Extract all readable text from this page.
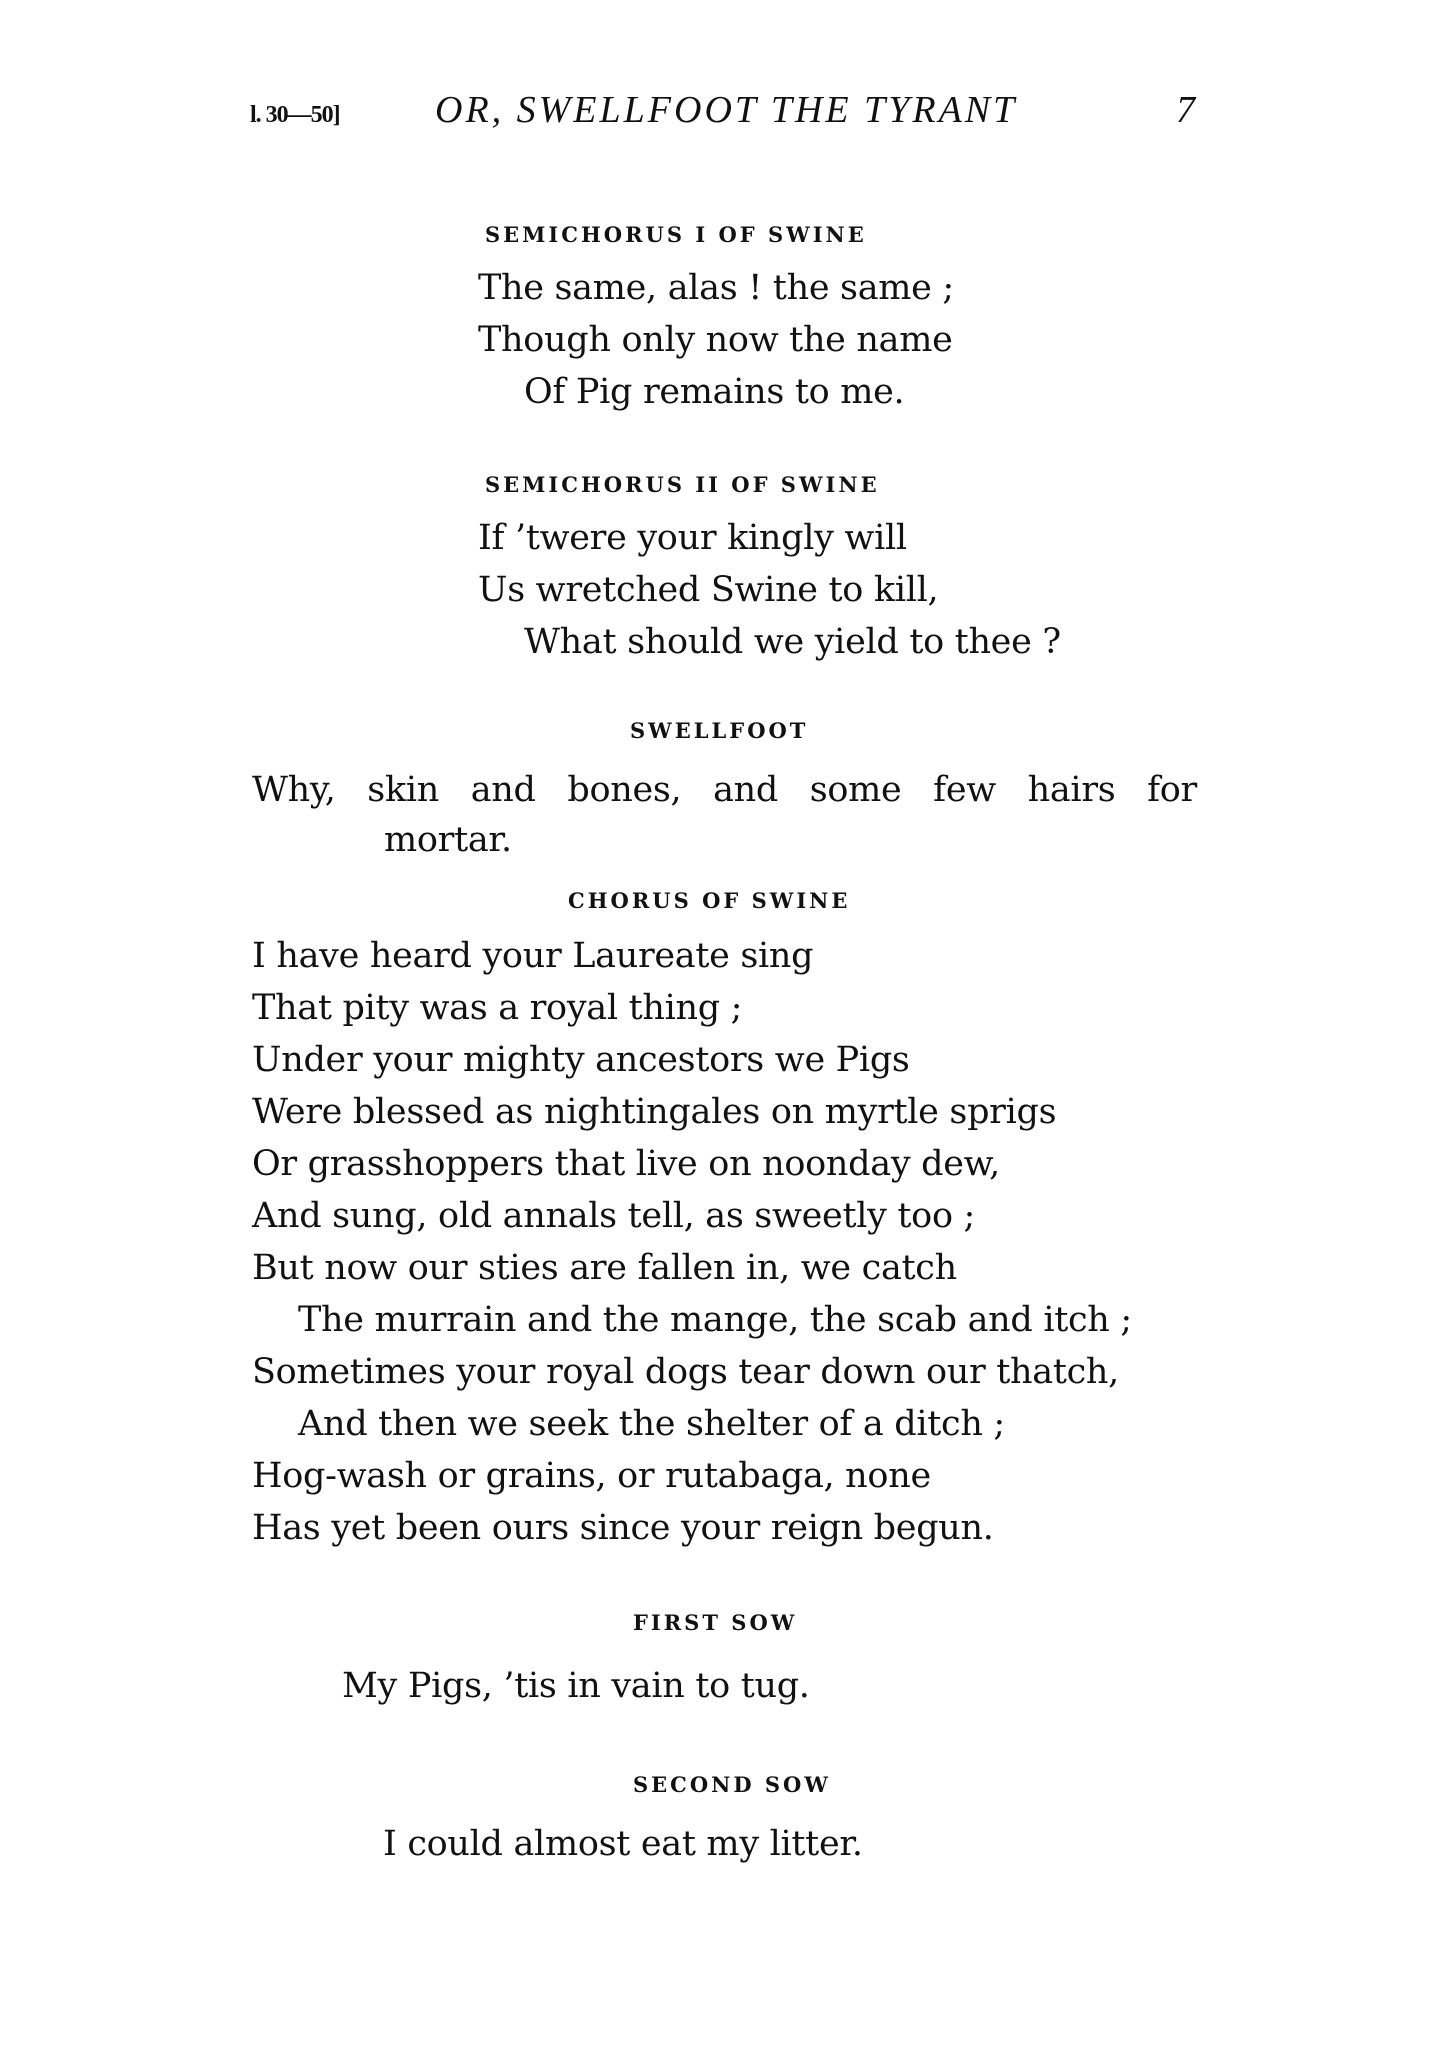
l. 30—50]	OR, SWELLFOOT THE TYRANT	7
SEMICHORUS I OF SWINE
The same, alas ! the same ;
Though only now the name
Of Pig remains to me.
SEMICHORUS II OF SWINE
If ’twere your kingly will
Us wretched Swine to kill,
What should we yield to thee ?
SWELLFOOT
Why, skin and bones, and some few hairs for
mortar.
CHORUS OF SWINE
I have heard your Laureate sing
That pity was a royal thing ;
Under your mighty ancestors we Pigs
Were blessed as nightingales on myrtle sprigs
Or grasshoppers that live on noonday dew,
And sung, old annals tell, as sweetly too ;
But now our sties are fallen in, we catch
The murrain and the mange, the scab and itch ;
Sometimes your royal dogs tear down our thatch,
And then we seek the shelter of a ditch ;
Hog-wash or grains, or rutabaga, none
Has yet been ours since your reign begun.
FIRST SOW
My Pigs, ’tis in vain to tug.
SECOND SOW
I could almost eat my litter.
